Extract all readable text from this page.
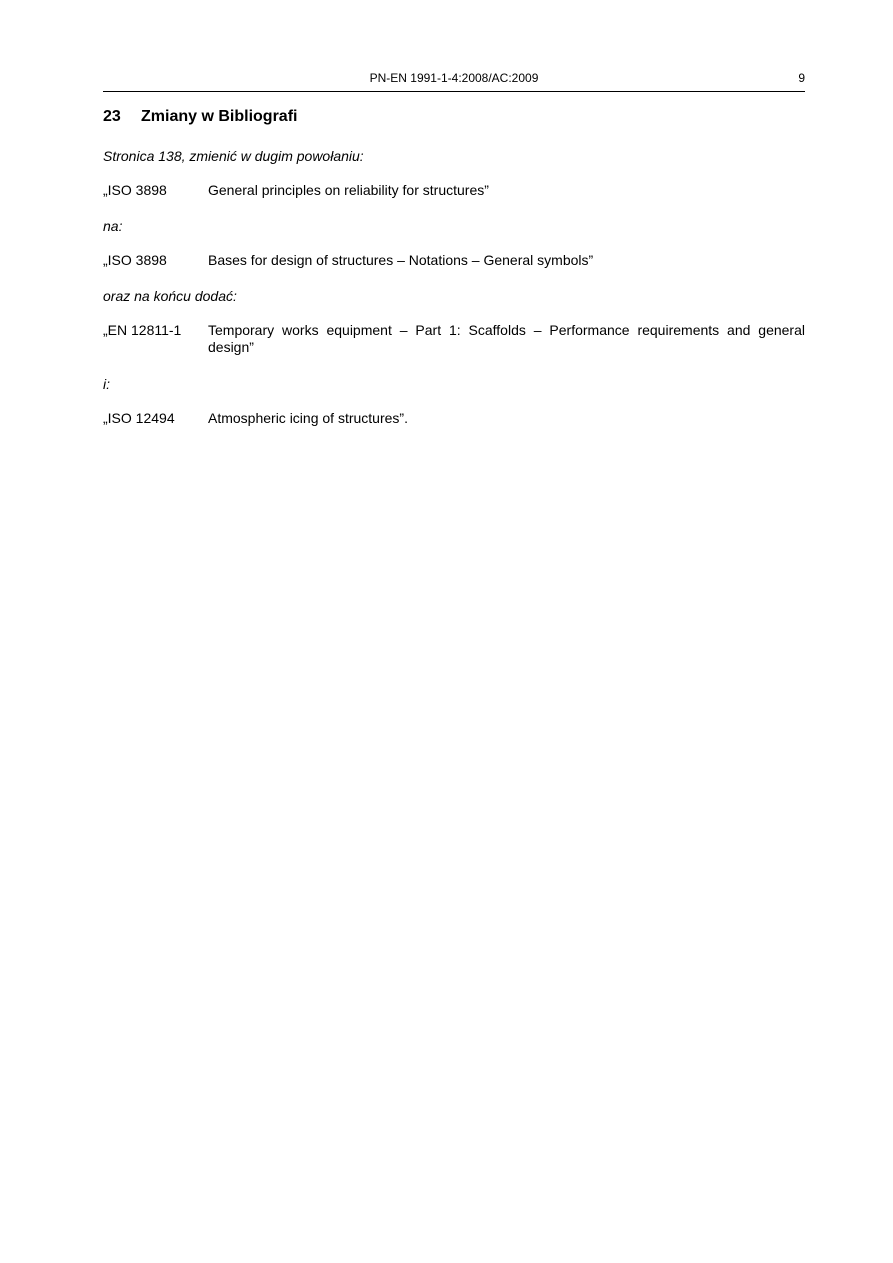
PN-EN 1991-1-4:2008/AC:2009	9
23 Zmiany w Bibliografi
Stronica 138, zmienić w dugim powołaniu:
„ISO 3898	General principles on reliability for structures”
na:
„ISO 3898	Bases for design of structures – Notations – General symbols”
oraz na końcu dodać:
„EN 12811-1 Temporary works equipment – Part 1: Scaffolds – Performance requirements and general design”
i:
„ISO 12494 Atmospheric icing of structures”.
